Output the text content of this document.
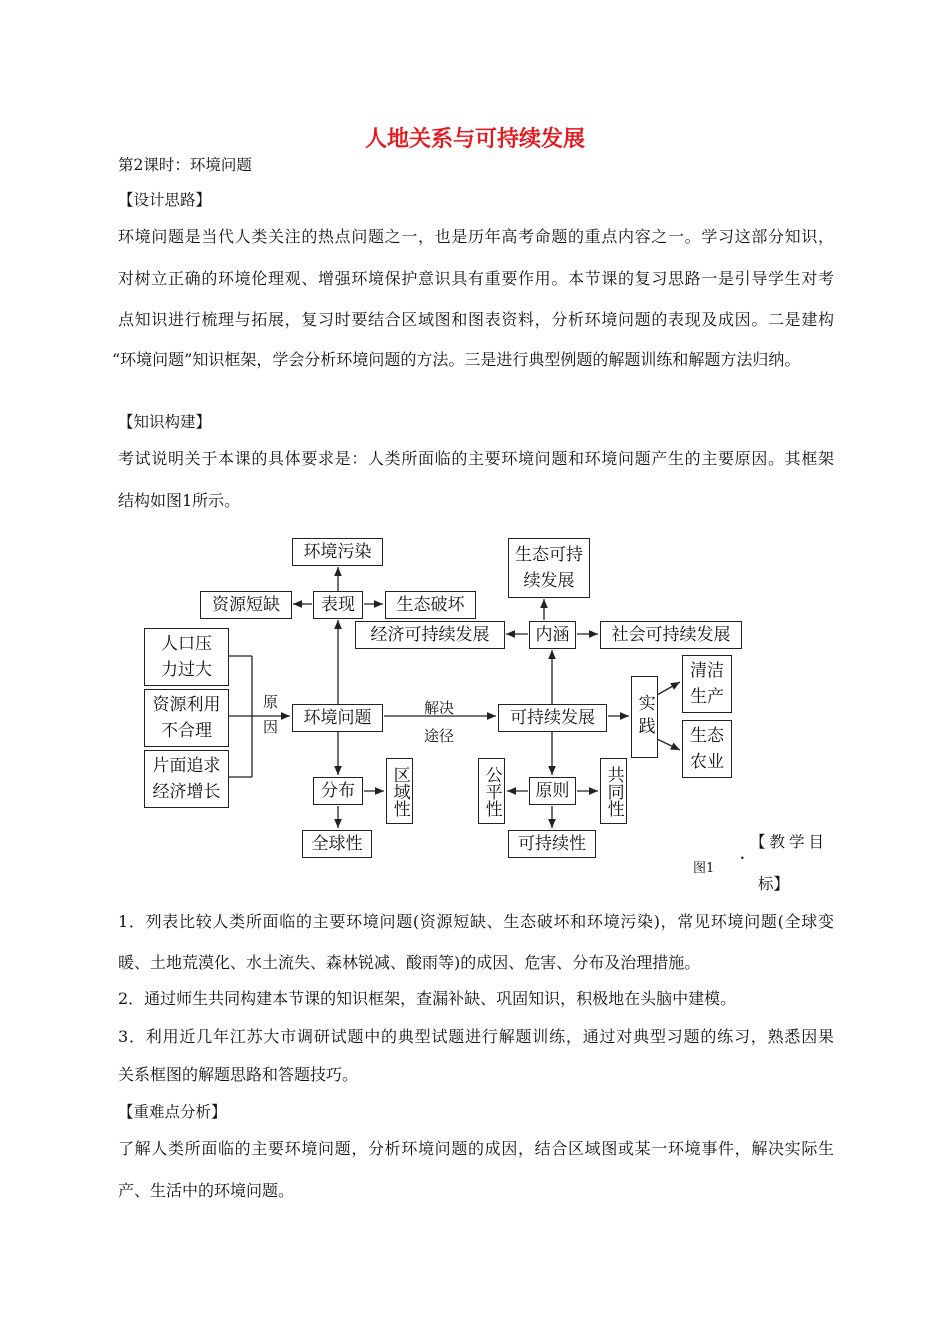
人地关系与可持续发展
第2课时：环境问题
【设计思路】
环境问题是当代人类关注的热点问题之一，也是历年高考命题的重点内容之一。学习这部分知识，
对树立正确的环境伦理观、增强环境保护意识具有重要作用。本节课的复习思路一是引导学生对考
点知识进行梳理与拓展，复习时要结合区域图和图表资料，分析环境问题的表现及成因。二是建构
“环境问题”知识框架，学会分析环境问题的方法。三是进行典型例题的解题训练和解题方法归纳。
【知识构建】
考试说明关于本课的具体要求是：人类所面临的主要环境问题和环境问题产生的主要原因。其框架
结构如图1所示。
环境污染
资源短缺	表现	生态破坏
人口压力过大
资源利用不合理
片面追求经济增长
原因	环境问题	解决途径
分布	区域性
全球性
生态可持续发展
经济可持续发展	内涵	社会可持续发展
可持续发展	实践
清洁生产
生态农业
公平性	原则	共同性
可持续性
图1
•
【教学目
标】
1．列表比较人类所面临的主要环境问题(资源短缺、生态破坏和环境污染)，常见环境问题(全球变
暖、土地荒漠化、水土流失、森林锐减、酸雨等)的成因、危害、分布及治理措施。
2．通过师生共同构建本节课的知识框架，查漏补缺、巩固知识，积极地在头脑中建模。
3．利用近几年江苏大市调研试题中的典型试题进行解题训练，通过对典型习题的练习，熟悉因果
关系框图的解题思路和答题技巧。
【重难点分析】
了解人类所面临的主要环境问题，分析环境问题的成因，结合区域图或某一环境事件，解决实际生
产、生活中的环境问题。
